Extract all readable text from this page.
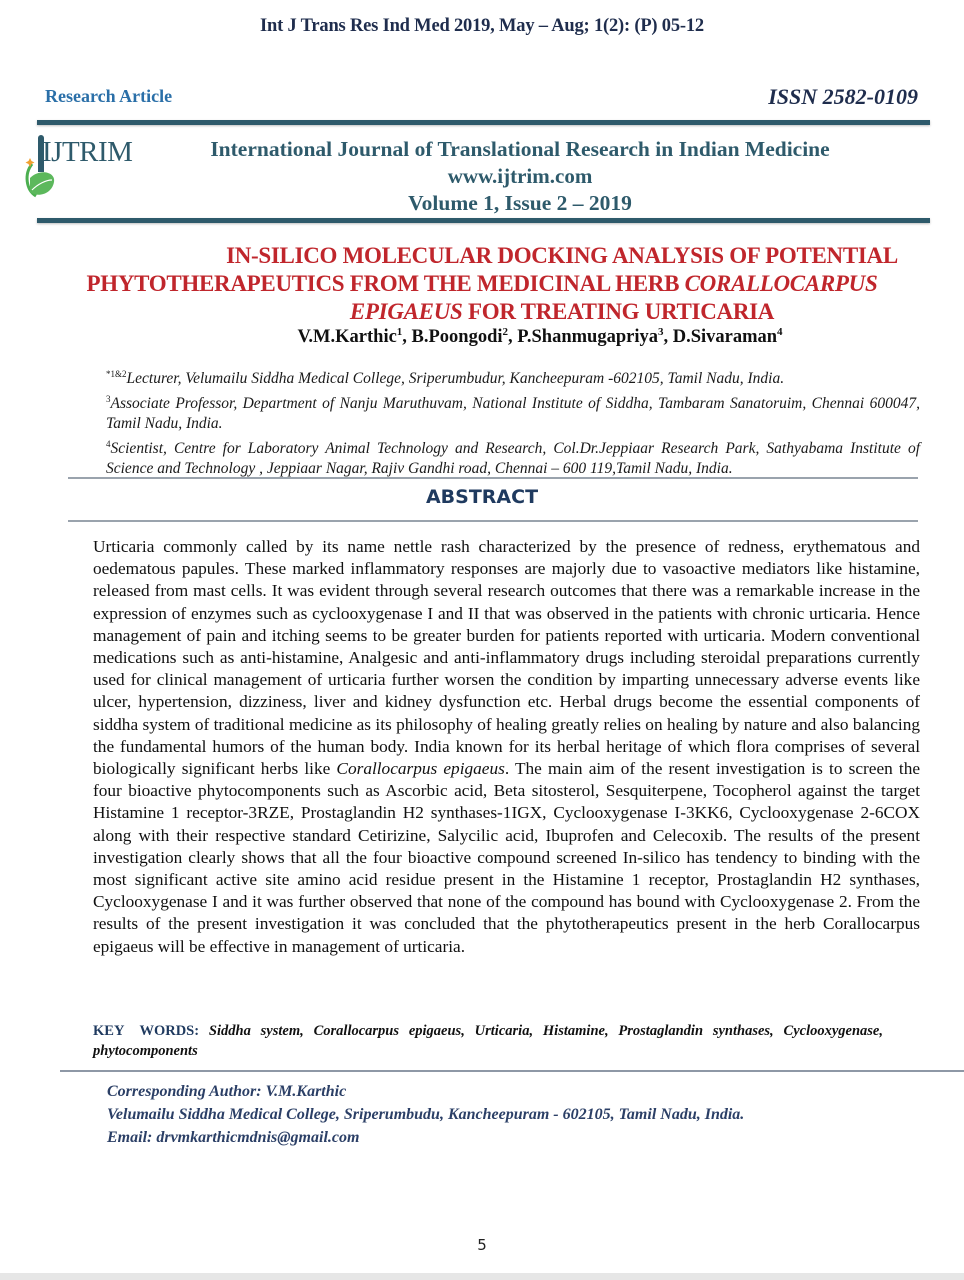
Int J Trans Res Ind Med 2019, May – Aug; 1(2): (P) 05-12
Research Article	ISSN 2582-0109
IJTRIM	International Journal of Translational Research in Indian Medicine
www.ijtrim.com
Volume 1, Issue 2 – 2019
IN-SILICO MOLECULAR DOCKING ANALYSIS OF POTENTIAL
PHYTOTHERAPEUTICS FROM THE MEDICINAL HERB CORALLOCARPUS
EPIGAEUS FOR TREATING URTICARIA
V.M.Karthic$^1$, B.Poongodi$^2$, P.Shanmugapriya$^3$, D.Sivaraman$^4$

$^{*1\&2}$Lecturer, Velumailu Siddha Medical College, Sriperumbudur, Kancheepuram -602105, Tamil Nadu, India.

$^3$Associate Professor, Department of Nanju Maruthuvam, National Institute of Siddha, Tambaram Sanatoruim, Chennai 600047, Tamil Nadu, India.

$^4$Scientist, Centre for Laboratory Animal Technology and Research, Col.Dr.Jeppiaar Research Park, Sathyabama Institute of Science and Technology , Jeppiaar Nagar, Rajiv Gandhi road, Chennai – 600 119,Tamil Nadu, India.

ABSTRACT

Urticaria commonly called by its name nettle rash characterized by the presence of redness, erythematous and oedematous papules. These marked inflammatory responses are majorly due to vasoactive mediators like histamine, released from mast cells. It was evident through several research outcomes that there was a remarkable increase in the expression of enzymes such as cyclooxygenase I and II that was observed in the patients with chronic urticaria. Hence management of pain and itching seems to be greater burden for patients reported with urticaria. Modern conventional medications such as anti-histamine, Analgesic and anti-inflammatory drugs including steroidal preparations currently used for clinical management of urticaria further worsen the condition by imparting unnecessary adverse events like ulcer, hypertension, dizziness, liver and kidney dysfunction etc. Herbal drugs become the essential components of siddha system of traditional medicine as its philosophy of healing greatly relies on healing by nature and also balancing the fundamental humors of the human body. India known for its herbal heritage of which flora comprises of several biologically significant herbs like Corallocarpus epigaeus. The main aim of the resent investigation is to screen the four bioactive phytocomponents such as Ascorbic acid, Beta sitosterol, Sesquiterpene, Tocopherol against the target Histamine 1 receptor-3RZE, Prostaglandin H2 synthases-1IGX, Cyclooxygenase I-3KK6, Cyclooxygenase 2-6COX along with their respective standard Cetirizine, Salycilic acid, Ibuprofen and Celecoxib. The results of the present investigation clearly shows that all the four bioactive compound screened In-silico has tendency to binding with the most significant active site amino acid residue present in the Histamine 1 receptor, Prostaglandin H2 synthases, Cyclooxygenase I and it was further observed that none of the compound has bound with Cyclooxygenase 2. From the results of the present investigation it was concluded that the phytotherapeutics present in the herb Corallocarpus epigaeus will be effective in management of urticaria.

KEY WORDS: Siddha system, Corallocarpus epigaeus, Urticaria, Histamine, Prostaglandin synthases, Cyclooxygenase, phytocomponents
Corresponding Author: V.M.Karthic
Velumailu Siddha Medical College, Sriperumbudu, Kancheepuram - 602105, Tamil Nadu, India.
Email: drvmkarthicmdnis@gmail.com
5
